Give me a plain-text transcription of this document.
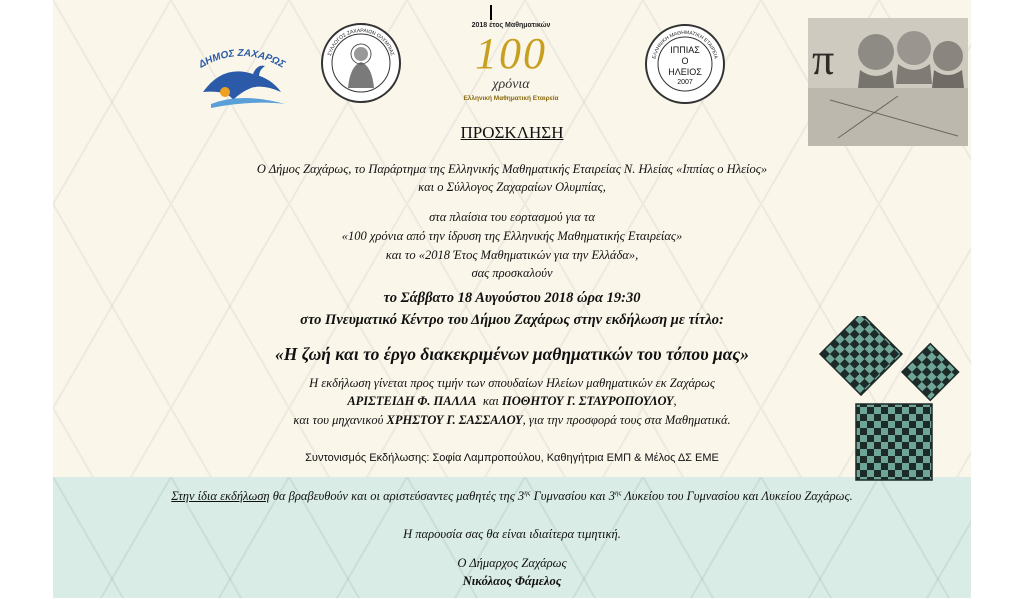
ΔΗΜΟΣ ΖΑΧΑΡΩΣ
ΣΥΛΛΟΓΟΣ ΖΑΧΑΡΑΙΩΝ ΟΛΥΜΠΙΑΣ
2018 έτος Μαθηματικών
100
χρόνια
Ελληνική Μαθηματική Εταιρεία
ΕΛΛΗΝΙΚΗ ΜΑΘΗΜΑΤΙΚΗ ΕΤΑΙΡΕΙΑ
ΙΠΠΙΑΣ
Ο
ΗΛΕΙΟΣ
2007	π
ΠΡΟΣΚΛΗΣΗ
Ο Δήμος Ζαχάρως, το Παράρτημα της Ελληνικής Μαθηματικής Εταιρείας Ν. Ηλείας «Ιππίας ο Ηλείος»
και ο Σύλλογος Ζαχαραίων Ολυμπίας,
στα πλαίσια του εορτασμού για τα
«100 χρόνια από την ίδρυση της Ελληνικής Μαθηματικής Εταιρείας»
και το «2018 Έτος Μαθηματικών για την Ελλάδα»,
σας προσκαλούν
το Σάββατο 18 Αυγούστου 2018 ώρα 19:30
στο Πνευματικό Κέντρο του Δήμου Ζαχάρως στην εκδήλωση με τίτλο:
«Η ζωή και το έργο διακεκριμένων μαθηματικών του τόπου μας»
Η εκδήλωση γίνεται προς τιμήν των σπουδαίων Ηλείων μαθηματικών εκ Ζαχάρως
ΑΡΙΣΤΕΙΔΗ Φ. ΠΑΛΛΑ  και ΠΟΘΗΤΟΥ Γ. ΣΤΑΥΡΟΠΟΥΛΟΥ,
και του μηχανικού ΧΡΗΣΤΟΥ Γ. ΣΑΣΣΑΛΟΥ, για την προσφορά τους στα Μαθηματικά.
Συντονισμός Εκδήλωσης: Σοφία Λαμπροπούλου, Καθηγήτρια ΕΜΠ & Μέλος ΔΣ ΕΜΕ
Στην ίδια εκδήλωση θα βραβευθούν και οι αριστεύσαντες μαθητές της $3^{\eta\varsigma}$ Γυμνασίου και $3^{\eta\varsigma}$ Λυκείου του Γυμνασίου και Λυκείου Ζαχάρως.
Η παρουσία σας θα είναι ιδιαίτερα τιμητική.
Ο Δήμαρχος Ζαχάρως
Νικόλαος Φάμελος
